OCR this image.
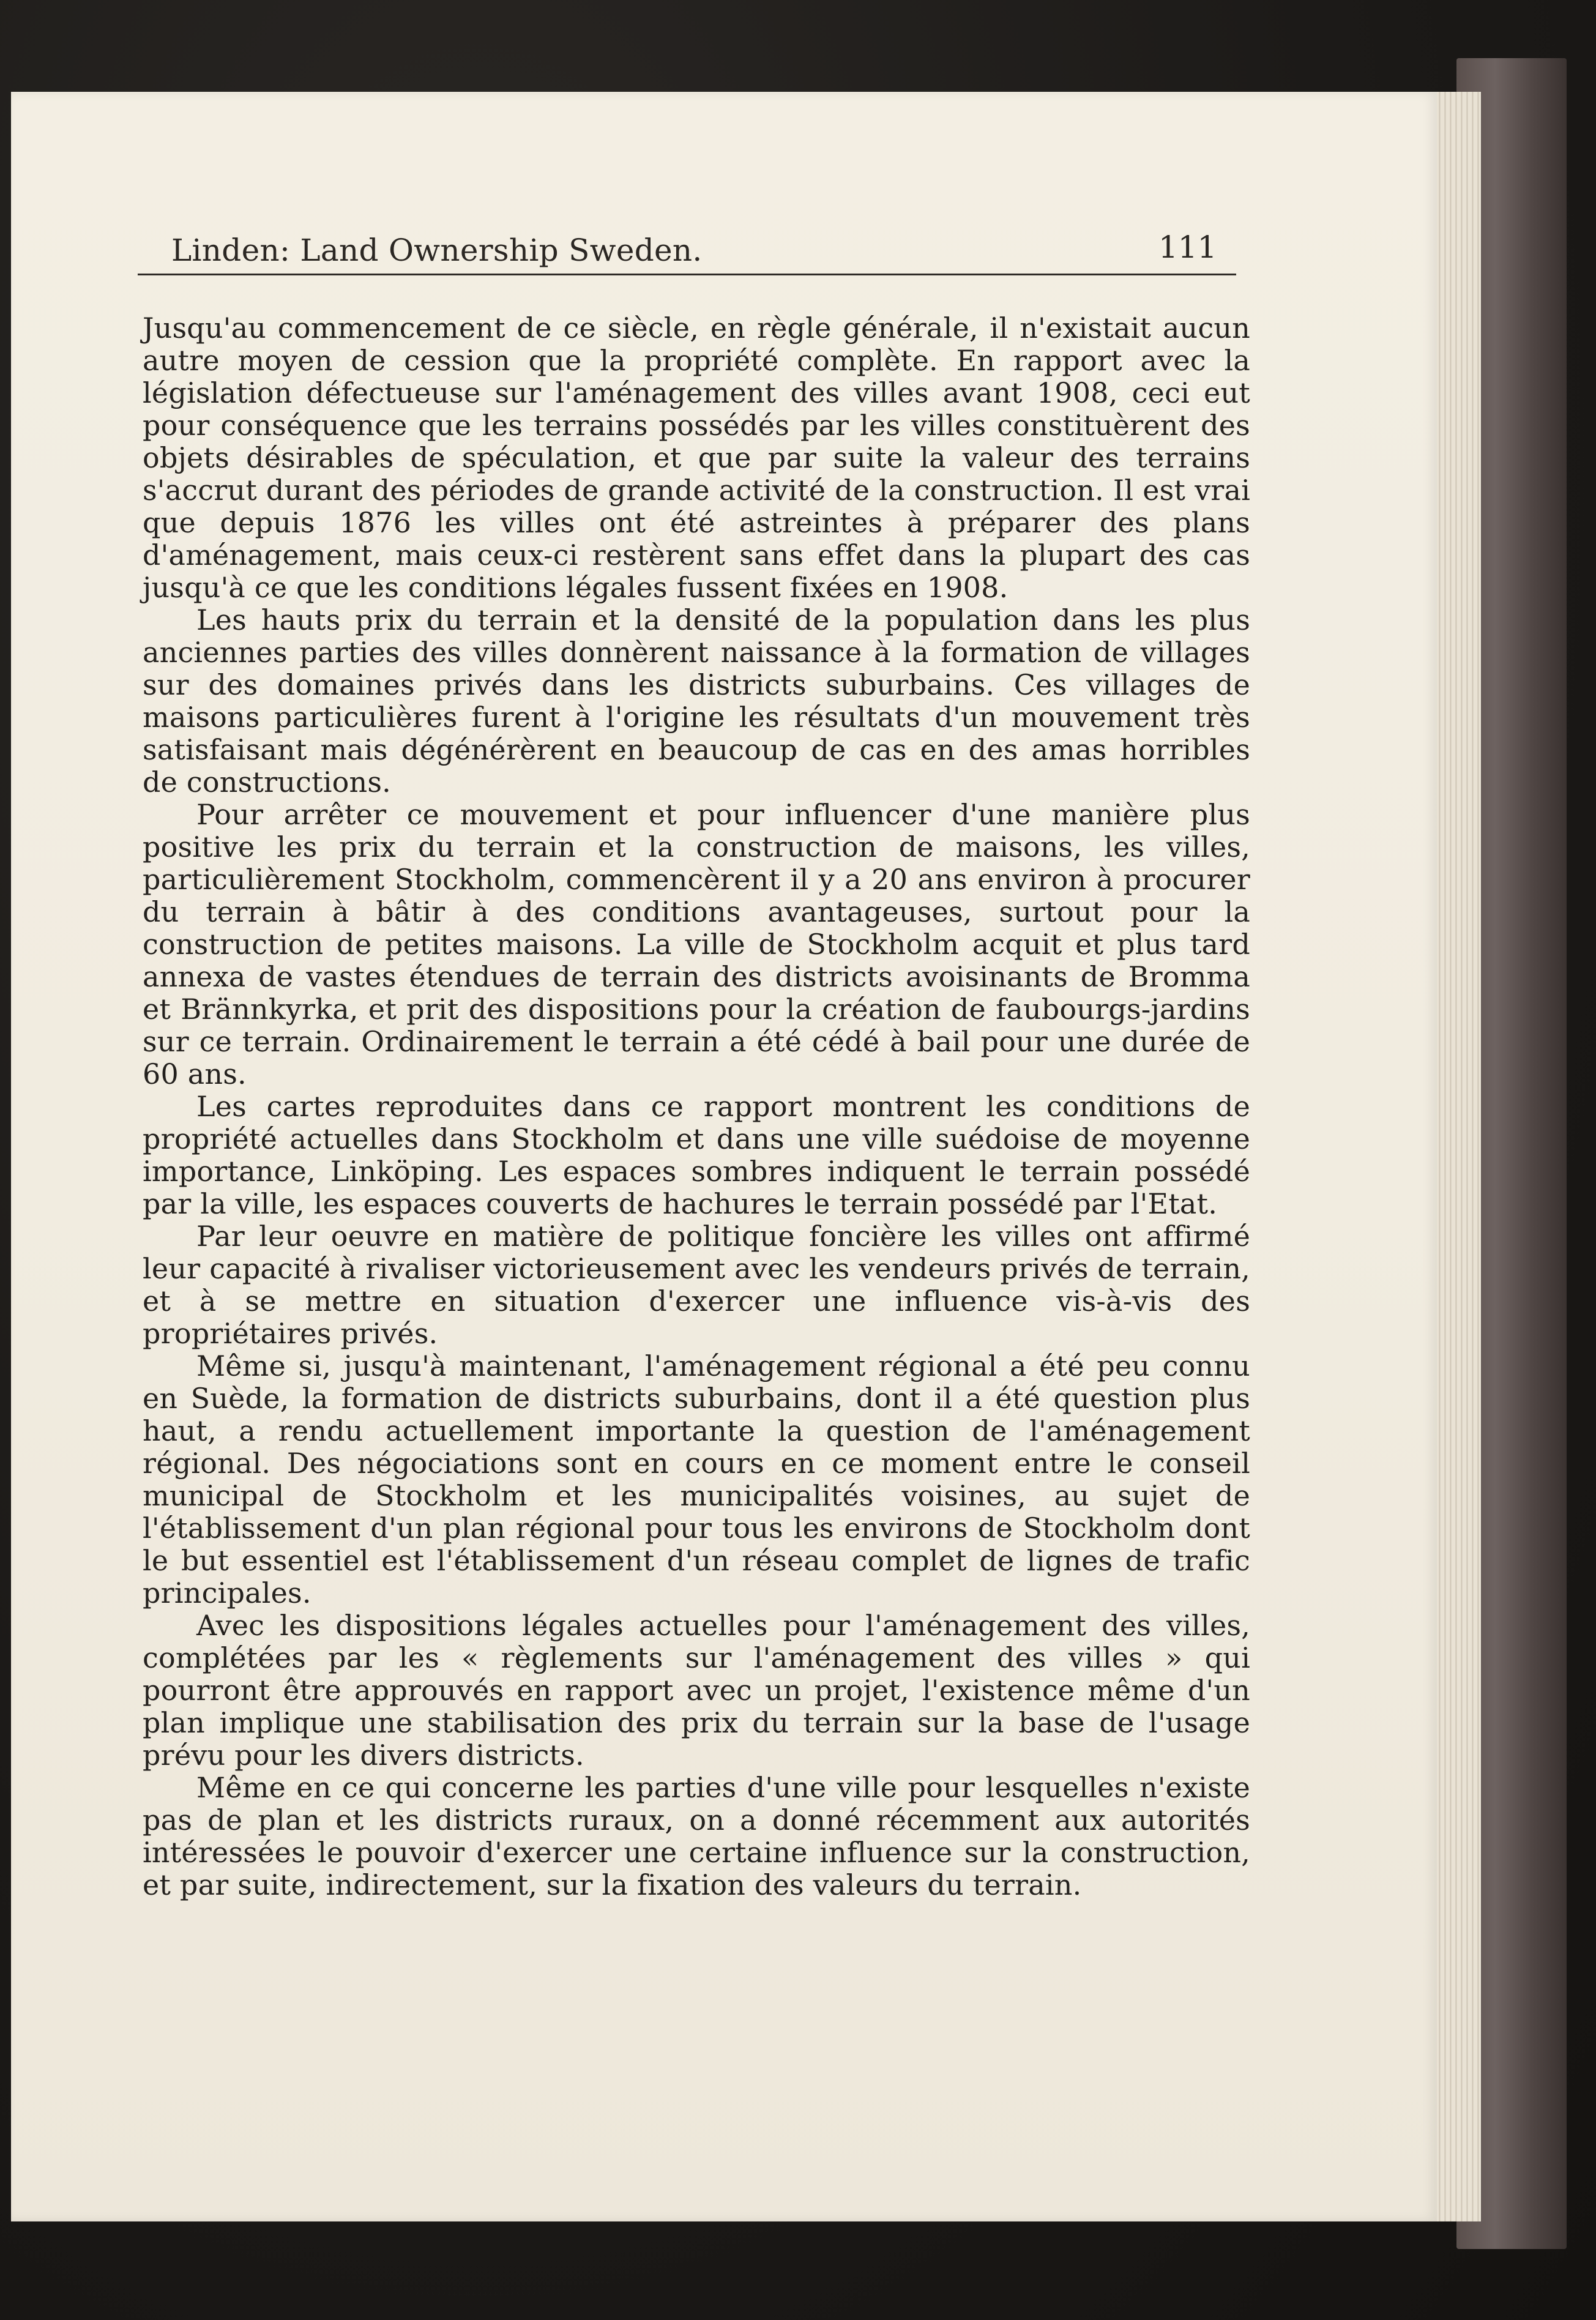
Linden: Land Ownership Sweden.	111

Jusqu'au commencement de ce siècle, en règle générale, il n'existait aucun autre moyen de cession que la propriété complète. En rapport avec la législation défectueuse sur l'aménagement des villes avant 1908, ceci eut pour conséquence que les terrains possédés par les villes constituèrent des objets désirables de spéculation, et que par suite la valeur des terrains s'accrut durant des périodes de grande activité de la construction. Il est vrai que depuis 1876 les villes ont été astreintes à préparer des plans d'aménagement, mais ceux-ci restèrent sans effet dans la plupart des cas jusqu'à ce que les conditions légales fussent fixées en 1908.

Les hauts prix du terrain et la densité de la population dans les plus anciennes parties des villes donnèrent naissance à la formation de villages sur des domaines privés dans les districts suburbains. Ces villages de maisons particulières furent à l'origine les résultats d'un mouvement très satisfaisant mais dégénérèrent en beaucoup de cas en des amas horribles de constructions.

Pour arrêter ce mouvement et pour influencer d'une manière plus positive les prix du terrain et la construction de maisons, les villes, particulièrement Stockholm, commencèrent il y a 20 ans environ à procurer du terrain à bâtir à des conditions avantageuses, surtout pour la construction de petites maisons. La ville de Stockholm acquit et plus tard annexa de vastes étendues de terrain des districts avoisinants de Bromma et Brännkyrka, et prit des dispositions pour la création de faubourgs-jardins sur ce terrain. Ordinairement le terrain a été cédé à bail pour une durée de 60 ans.

Les cartes reproduites dans ce rapport montrent les conditions de propriété actuelles dans Stockholm et dans une ville suédoise de moyenne importance, Linköping. Les espaces sombres indiquent le terrain possédé par la ville, les espaces couverts de hachures le terrain possédé par l'Etat.

Par leur oeuvre en matière de politique foncière les villes ont affirmé leur capacité à rivaliser victorieusement avec les vendeurs privés de terrain, et à se mettre en situation d'exercer une influence vis-à-vis des propriétaires privés.

Même si, jusqu'à maintenant, l'aménagement régional a été peu connu en Suède, la formation de districts suburbains, dont il a été question plus haut, a rendu actuellement importante la question de l'aménagement régional. Des négociations sont en cours en ce moment entre le conseil municipal de Stockholm et les municipalités voisines, au sujet de l'établissement d'un plan régional pour tous les environs de Stockholm dont le but essentiel est l'établissement d'un réseau complet de lignes de trafic principales.

Avec les dispositions légales actuelles pour l'aménagement des villes, complétées par les « règlements sur l'aménagement des villes » qui pourront être approuvés en rapport avec un projet, l'existence même d'un plan implique une stabilisation des prix du terrain sur la base de l'usage prévu pour les divers districts.

Même en ce qui concerne les parties d'une ville pour lesquelles n'existe pas de plan et les districts ruraux, on a donné récemment aux autorités intéressées le pouvoir d'exercer une certaine influence sur la construction, et par suite, indirectement, sur la fixation des valeurs du terrain.
